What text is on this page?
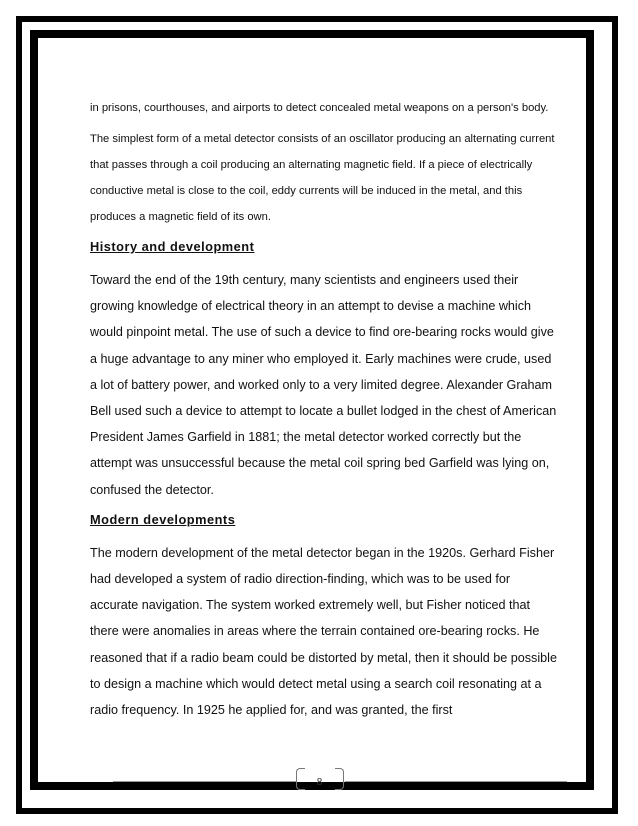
in prisons, courthouses, and airports to detect concealed metal weapons on a person's body.

The simplest form of a metal detector consists of an oscillator producing an alternating current that passes through a coil producing an alternating magnetic field. If a piece of electrically conductive metal is close to the coil, eddy currents will be induced in the metal, and this produces a magnetic field of its own.

History and development

Toward the end of the 19th century, many scientists and engineers used their growing knowledge of electrical theory in an attempt to devise a machine which would pinpoint metal. The use of such a device to find ore-bearing rocks would give a huge advantage to any miner who employed it. Early machines were crude, used a lot of battery power, and worked only to a very limited degree. Alexander Graham Bell used such a device to attempt to locate a bullet lodged in the chest of American President James Garfield in 1881; the metal detector worked correctly but the attempt was unsuccessful because the metal coil spring bed Garfield was lying on, confused the detector.

Modern developments

The modern development of the metal detector began in the 1920s. Gerhard Fisher had developed a system of radio direction-finding, which was to be used for accurate navigation. The system worked extremely well, but Fisher noticed that there were anomalies in areas where the terrain contained ore-bearing rocks. He reasoned that if a radio beam could be distorted by metal, then it should be possible to design a machine which would detect metal using a search coil resonating at a radio frequency. In 1925 he applied for, and was granted, the first

8
